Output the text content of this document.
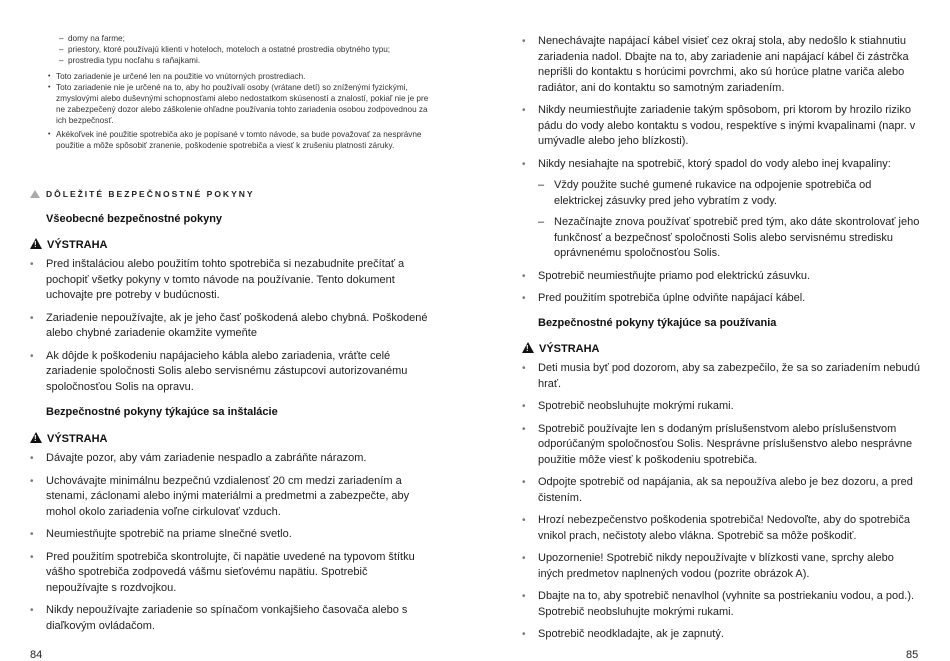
– domy na farme;
– priestory, ktoré používajú klienti v hoteloch, moteloch a ostatné prostredia obytného typu;
– prostredia typu nocľahu s raňajkami.
• Toto zariadenie je určené len na použitie vo vnútorných prostrediach.
• Toto zariadenie nie je určené na to, aby ho používali osoby (vrátane detí) so zníženými fyzickými, zmyslovými alebo duševnými schopnosťami alebo nedostatkom skúseností a znalostí, pokiaľ nie je pre ne zabezpečený dozor alebo záškolenie ohľadne používania tohto zariadenia osobou zodpovednou za ich bezpečnosť.
• Akékoľvek iné použitie spotrebiča ako je popísané v tomto návode, sa bude považovať za nesprávne použitie a môže spôsobiť zranenie, poškodenie spotrebiča a viesť k zrušeniu platnosti záruky.
DÔLEŽITÉ BEZPEČNOSTNÉ POKYNY
Všeobecné bezpečnostné pokyny
!VÝSTRAHA
• Pred inštaláciou alebo použitím tohto spotrebiča si nezabudnite prečítať a pochopiť všetky pokyny v tomto návode na používanie. Tento dokument uchovajte pre potreby v budúcnosti.
• Zariadenie nepoužívajte, ak je jeho časť poškodená alebo chybná. Poškodené alebo chybné zariadenie okamžite vymeňte
• Ak dôjde k poškodeniu napájacieho kábla alebo zariadenia, vráťte celé zariadenie spoločnosti Solis alebo servisnému zástupcovi autorizovanému spoločnosťou Solis na opravu.
Bezpečnostné pokyny týkajúce sa inštalácie
!VÝSTRAHA
• Dávajte pozor, aby vám zariadenie nespadlo a zabráňte nárazom.
• Uchovávajte minimálnu bezpečnú vzdialenosť 20 cm medzi zariadením a stenami, záclonami alebo inými materiálmi a predmetmi a zabezpečte, aby mohol okolo zariadenia voľne cirkulovať vzduch.
• Neumiestňujte spotrebič na priame slnečné svetlo.
• Pred použitím spotrebiča skontrolujte, či napätie uvedené na typovom štítku vášho spotrebiča zodpovedá vášmu sieťovému napätiu. Spotrebič nepoužívajte s rozdvojkou.
• Nikdy nepoužívajte zariadenie so spínačom vonkajšieho časovača alebo s diaľkovým ovládačom.
84
• Nenechávajte napájací kábel visieť cez okraj stola, aby nedošlo k stiahnutiu zariadenia nadol. Dbajte na to, aby zariadenie ani napájací kábel či zástrčka neprišli do kontaktu s horúcimi povrchmi, ako sú horúce platne variča alebo radiátor, ani do kontaktu so samotným zariadením.
• Nikdy neumiestňujte zariadenie takým spôsobom, pri ktorom by hrozilo riziko pádu do vody alebo kontaktu s vodou, respektíve s inými kvapalinami (napr. v umývadle alebo jeho blízkosti).
• Nikdy nesiahajte na spotrebič, ktorý spadol do vody alebo inej kvapaliny:
– Vždy použite suché gumené rukavice na odpojenie spotrebiča od elektrickej zásuvky pred jeho vybratím z vody.
– Nezačínajte znova používať spotrebič pred tým, ako dáte skontrolovať jeho funkčnosť a bezpečnosť spoločnosti Solis alebo servisnému stredisku oprávnenému spoločnosťou Solis.
• Spotrebič neumiestňujte priamo pod elektrickú zásuvku.
• Pred použitím spotrebiča úplne odviňte napájací kábel.
Bezpečnostné pokyny týkajúce sa používania
!VÝSTRAHA
• Deti musia byť pod dozorom, aby sa zabezpečilo, že sa so zariadením nebudú hrať.
• Spotrebič neobsluhujte mokrými rukami.
• Spotrebič používajte len s dodaným príslušenstvom alebo príslušenstvom odporúčaným spoločnosťou Solis. Nesprávne príslušenstvo alebo nesprávne použitie môže viesť k poškodeniu spotrebiča.
• Odpojte spotrebič od napájania, ak sa nepoužíva alebo je bez dozoru, a pred čistením.
• Hrozí nebezpečenstvo poškodenia spotrebiča! Nedovoľte, aby do spotrebiča vnikol prach, nečistoty alebo vlákna. Spotrebič sa môže poškodiť.
• Upozornenie! Spotrebič nikdy nepoužívajte v blízkosti vane, sprchy alebo iných predmetov naplnených vodou (pozrite obrázok A).
• Dbajte na to, aby spotrebič nenavlhol (vyhnite sa postriekaniu vodou, a pod.). Spotrebič neobsluhujte mokrými rukami.
• Spotrebič neodkladajte, ak je zapnutý.
85
